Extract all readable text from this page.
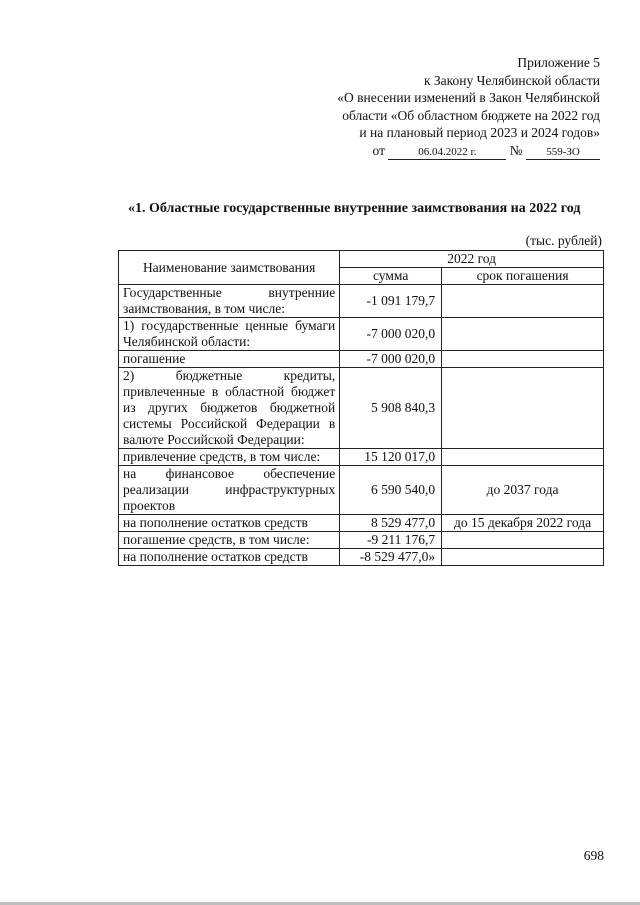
Приложение 5
к Закону Челябинской области
«О внесении изменений в Закон Челябинской
области «Об областном бюджете на 2022 год
и на плановый период 2023 и 2024 годов»
от	06.04.2022 г. № 559-ЗО
«1. Областные государственные внутренние заимствования на 2022 год
(тыс. рублей)
Наименование заимствования	2022 год	
	сумма	срок погашения
Государственные внутренние заимствования, в том числе:	-1 091 179,7	
1) государственные ценные бумаги Челябинской области:	-7 000 020,0	
погашение	-7 000 020,0	
2) бюджетные кредиты, привлеченные в областной бюджет из других бюджетов бюджетной системы Российской Федерации в валюте Российской Федерации:	5 908 840,3	
привлечение средств, в том числе:	15 120 017,0	
на финансовое обеспечение реализации инфраструктурных проектов	6 590 540,0	до 2037 года
на пополнение остатков средств	8 529 477,0	до 15 декабря 2022 года
погашение средств, в том числе:	-9 211 176,7	
на пополнение остатков средств	-8 529 477,0»	
698
